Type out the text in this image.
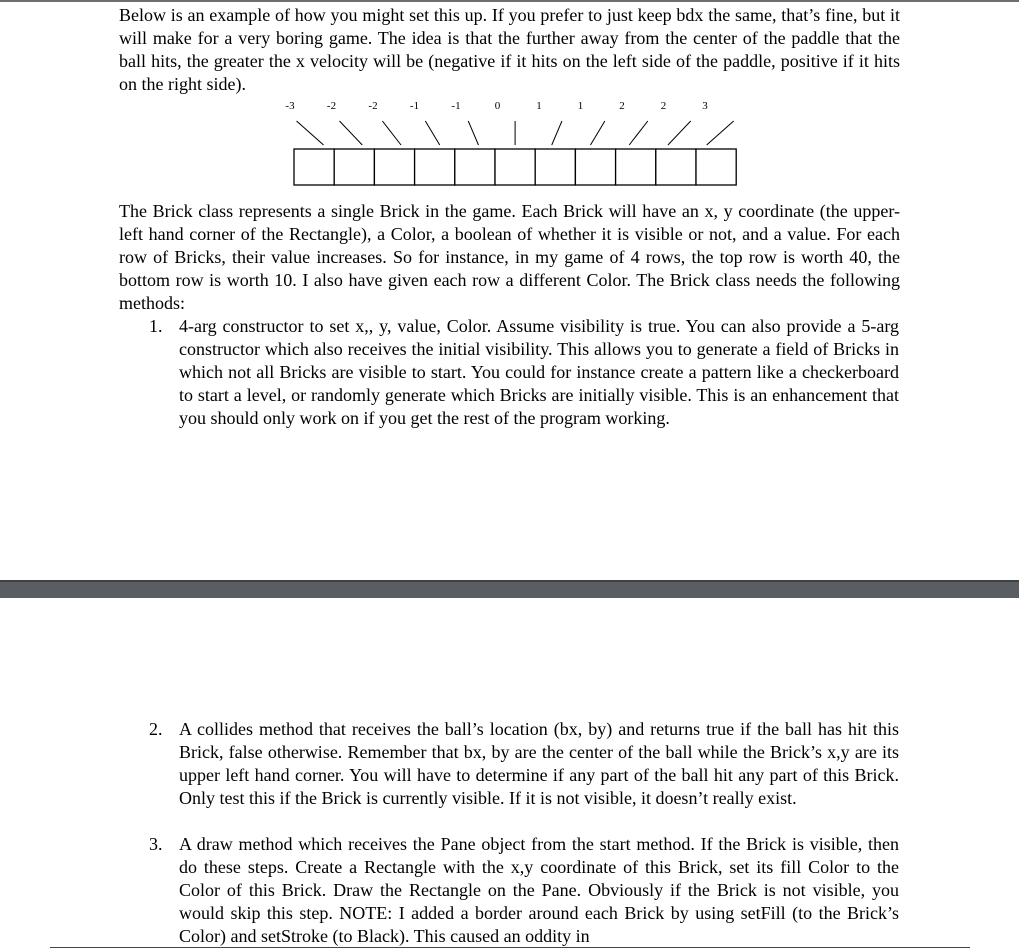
Below is an example of how you might set this up. If you prefer to just keep bdx the same, that’s fine, but it will make for a very boring game. The idea is that the further away from the center of the paddle that the ball hits, the greater the x velocity will be (negative if it hits on the left side of the paddle, positive if it hits on the right side).

-3	-2	-2	-1	-1	0	1	1	2	2	3

The Brick class represents a single Brick in the game. Each Brick will have an x, y coordinate (the upper-left hand corner of the Rectangle), a Color, a boolean of whether it is visible or not, and a value. For each row of Bricks, their value increases. So for instance, in my game of 4 rows, the top row is worth 40, the bottom row is worth 10. I also have given each row a different Color. The Brick class needs the following methods:

1. 4-arg constructor to set x,, y, value, Color. Assume visibility is true. You can also provide a 5-arg constructor which also receives the initial visibility. This allows you to generate a field of Bricks in which not all Bricks are visible to start. You could for instance create a pattern like a checkerboard to start a level, or randomly generate which Bricks are initially visible. This is an enhancement that you should only work on if you get the rest of the program working.
2. A collides method that receives the ball’s location (bx, by) and returns true if the ball has hit this Brick, false otherwise. Remember that bx, by are the center of the ball while the Brick’s x,y are its upper left hand corner. You will have to determine if any part of the ball hit any part of this Brick. Only test this if the Brick is currently visible. If it is not visible, it doesn’t really exist.
3. A draw method which receives the Pane object from the start method. If the Brick is visible, then do these steps. Create a Rectangle with the x,y coordinate of this Brick, set its fill Color to the Color of this Brick. Draw the Rectangle on the Pane. Obviously if the Brick is not visible, you would skip this step. NOTE: I added a border around each Brick by using setFill (to the Brick’s Color) and setStroke (to Black). This caused an oddity in
